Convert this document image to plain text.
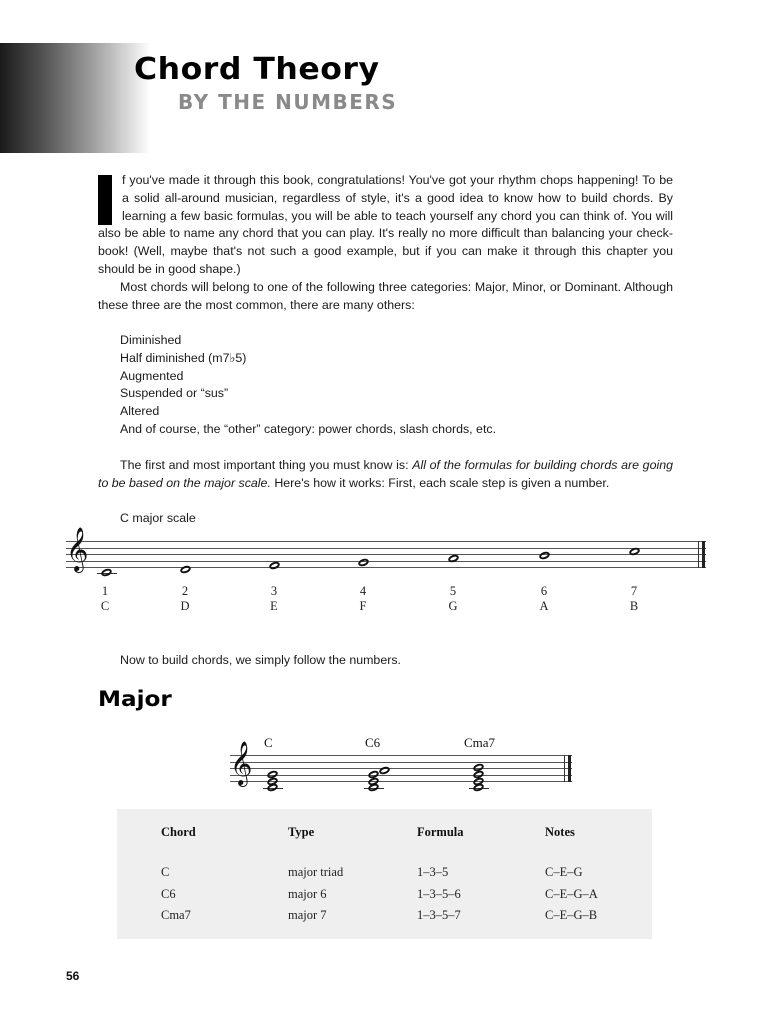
Chord Theory
BY THE NUMBERS
f you've made it through this book, congratulations! You've got your rhythm chops happening! To be a solid all-around musician, regardless of style, it's a good idea to know how to build chords. By learning a few basic formulas, you will be able to teach yourself any chord you can think of. You will also be able to name any chord that you can play. It's really no more difficult than balancing your check-book! (Well, maybe that's not such a good example, but if you can make it through this chapter you should be in good shape.)
Most chords will belong to one of the following three categories: Major, Minor, or Dominant. Although these three are the most common, there are many others:
Diminished
Half diminished (m7♭5)
Augmented
Suspended or “sus”
Altered
And of course, the “other” category: power chords, slash chords, etc.
The first and most important thing you must know is: All of the formulas for building chords are going to be based on the major scale. Here's how it works: First, each scale step is given a number.
C major scale
𝄞
1	2	3	4	5	6	7
C	D	E	F	G	A	B
Now to build chords, we simply follow the numbers.
Major
C	C6	Cma7
𝄞
Chord	Type	Formula	Notes
C	major triad	1–3–5	C–E–G
C6	major 6	1–3–5–6	C–E–G–A
Cma7	major 7	1–3–5–7	C–E–G–B
56
